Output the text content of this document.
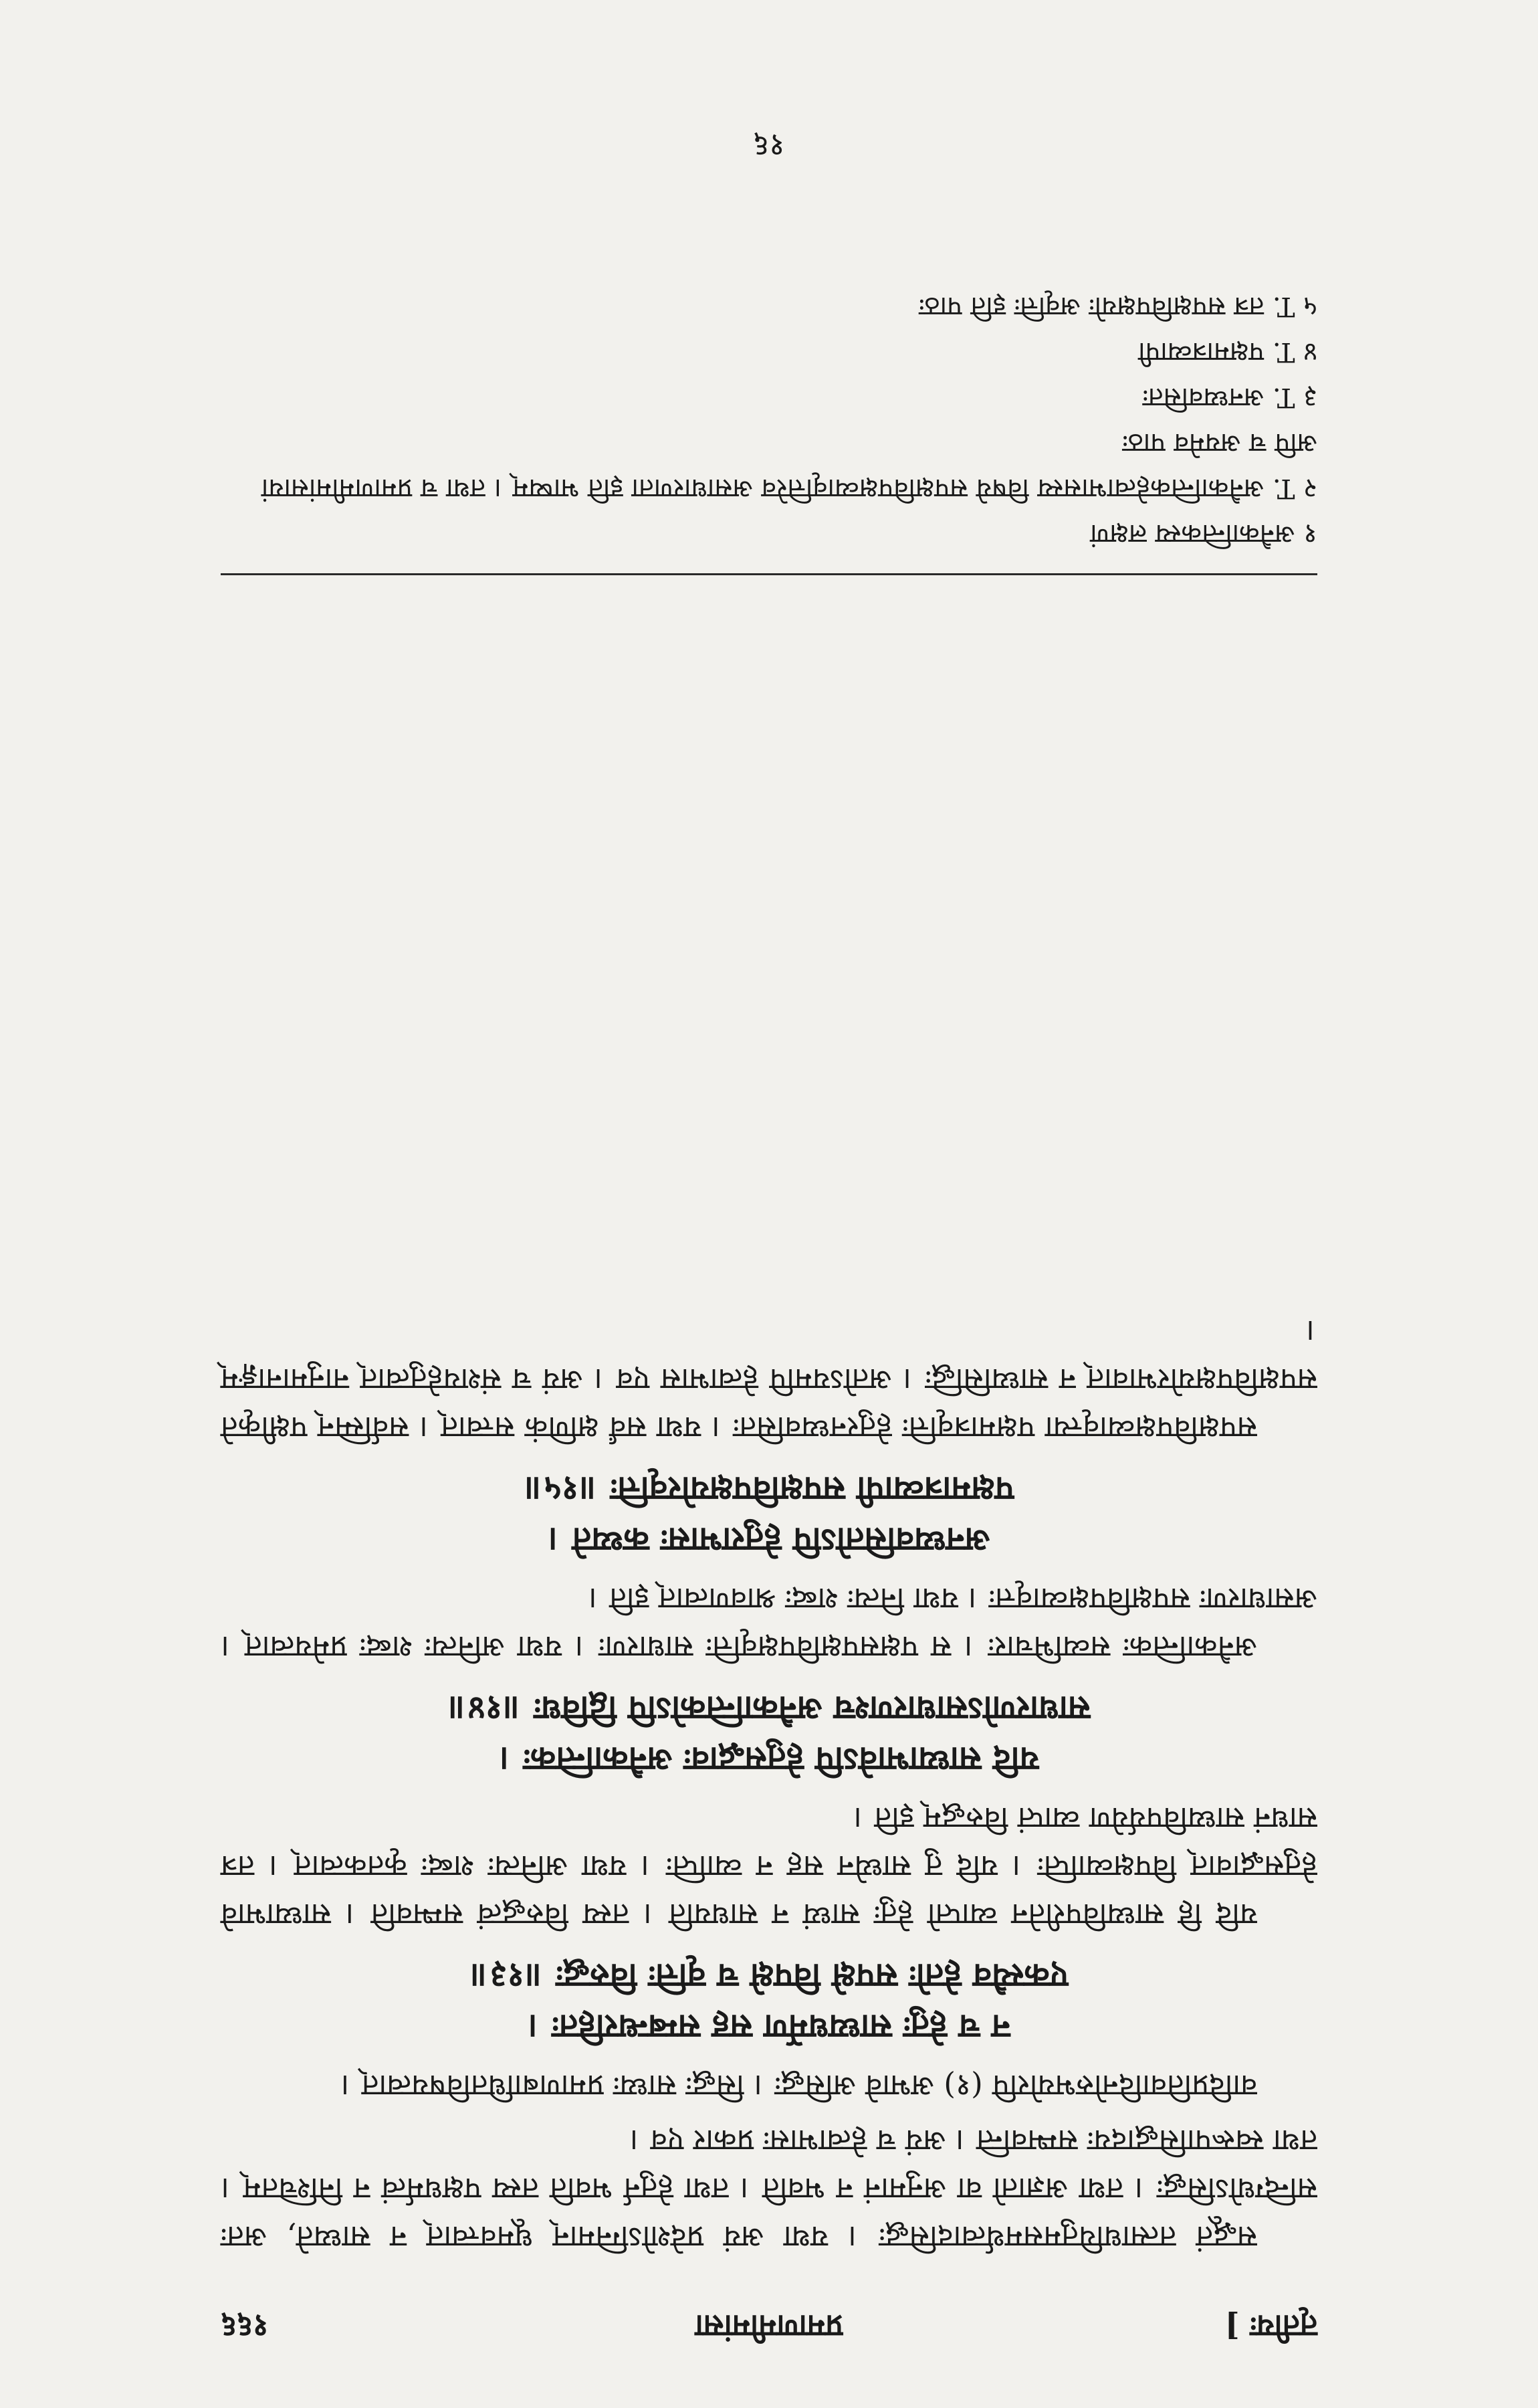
तृतीयः ]
प्रमाणमीमांसा
१६६

सद्भूतं तत्साधयितुमसमर्थत्वादसिद्धः । यथा अयं प्रदेशोऽग्निमान् धूमवत्त्वात् न साध्यते, अतः सन्दिग्धोऽसिद्धः । तथा अज्ञातो वा अनुमानं न भवति । तथा हेतुर्न भवति तस्य पक्षधर्मत्वं न निश्चितम् । तथा स्वरूपासिद्धादयः सम्भवन्ति । अयं च हेत्वाभासः प्रकार एव ।

वादिप्रतिवादिनोरुभयोरपि (१) अभावे असिद्धः । सिद्धः साध्यः प्रमाणबाधितविषयत्वात् ।

न च हेतुः साध्यधर्मेण सह सम्बन्धरहितः ।
एकस्यैव हेतोः सपक्षे विपक्षे च वृत्तिः विरुद्धः ॥१३॥

यदि हि साध्यविपरीतेन व्याप्तो हेतुः साध्यं न साधयति । तस्य विरुद्धत्वं सम्भवति । साध्याभावे हेतुसद्भावात् विपक्षव्याप्तिः । यदि तु साध्येन सह न व्याप्तिः । यथा अनित्यः शब्दः कृतकत्वात् । तत्र साधनं साध्यविपर्ययेण व्याप्तं विरुद्धम् इति ।

यदि साध्याभावेऽपि हेतुसद्भावः अनैकान्तिकः ।
साधारणोऽसाधारणश्च अनैकान्तिकोऽपि द्विविधः ॥१४॥

अनैकान्तिकः सव्यभिचारः । स पक्षसपक्षविपक्षवृत्तिः साधारणः । यथा अनित्यः शब्दः प्रमेयत्वात् । असाधारणः सपक्षविपक्षव्यावृत्तः । यथा नित्यः शब्दः श्रावणत्वात् इति ।

अनध्यवसितोऽपि हेतुराभासः कथ्यते ।
पक्षमात्रव्यापी सपक्षविपक्षयोरवृत्तिः ॥१५॥

सपक्षविपक्षव्यावृत्त्या पक्षमात्रवृत्तिः हेतुरनध्यवसितः । यथा सर्वं क्षणिकं सत्त्वात् । सर्वस्मिन् पक्षीकृते सपक्षविपक्षयोरभावात् न साध्यसिद्धिः । अतोऽयमपि हेत्वाभास एव । अयं च संशयहेतुत्वात् नानुमानाङ्गम् ।

१ अनैकान्तिकस्य लक्षणं
२ T. अनैकान्तिकहेत्वाभासस्य विषये सपक्षविपक्षव्यावृत्तिरेव असाधारणता इति भाष्यम् । तथा च प्रमाणमीमांसायां
अपि च अयमेव पाठः
३ T. अनध्यवसितः
४ T. पक्षमात्रव्यापी
५ T. तत्र सपक्षविपक्षयोः अवृत्तिः इति पाठः
१६
